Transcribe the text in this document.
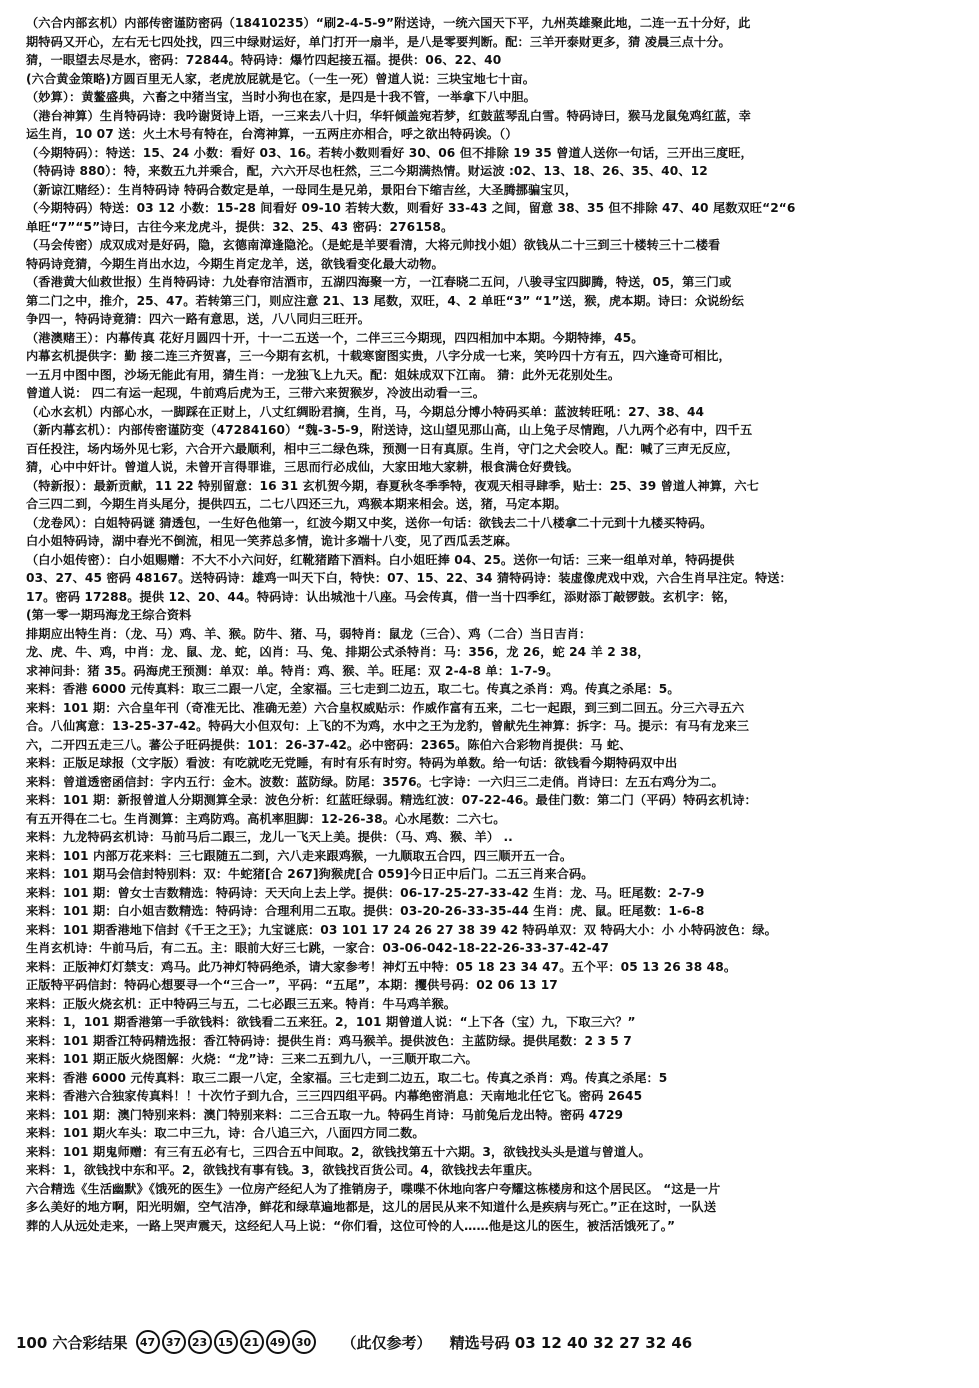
（六合内部玄机）内部传密谨防密码（18410235）“刷2-4-5-9”附送诗，一统六国天下平，九州英雄聚此地，二连一五十分好，此

期特码又开心，左右无七四处找，四三中绿财运好，单门打开一扇半，是八是零要判断。配：三羊开泰财更多，猜 凌晨三点十分。

猜，一眼望去尽是水，密码：72844。特码诗：爆竹四起接五福。提供：06、22、40

(六合黄金策略)方圆百里无人家，老虎放屁就是它。（一生一死）曾道人说：三块宝地七十亩。

（妙算）：黄鳌盛典，六畜之中猪当宝，当时小狗也在家，是四是十我不管，一举拿下八中胆。

（港台神算）生肖特码诗：我吟谢贤诗上语，一三来去八十归，华轩倾盖宛若梦，红鼓蓝琴乱白雪。特码诗曰，猴马龙鼠兔鸡红蓝，幸

运生肖，10 07 送：火土木号有特在，台湾神算，一五两庄亦相合，呼之欲出特码诶。（）

（今期特码）：特送：15、24 小数：看好 03、16。若转小数则看好 30、06 但不排除 19 35 曾道人送你一句话，三开出三度旺，

（特码诗 880）：特，来数五九并乘合，配，六六开尽也枉然，三二今期满热情。财运波 :02、13、18、26、35、40、12

（新谅江赌经）：生肖特码诗 特码合数定是单，一母同生是兄弟，景阳台下缩吉丝，大圣腾挪骗宝贝，

（今期特码）特送：03 12 小数：15-28 间看好 09-10 若转大数，则看好 33-43 之间，留意 38、35 但不排除 47、40 尾数双旺“2“6

单旺“7”“5”诗曰，古往今来龙虎斗，提供：32、25、43 密码：276158。

（马会传密）成双成对是好码，隐，玄德南漳逢隐沦。（是蛇是羊要看清，大将元帅找小姐）欲钱从二十三到三十楼转三十二楼看

特码诗竞猜，今期生肖出水边，今期生肖定龙羊，送，欲钱看变化最大动物。

（香港黄大仙救世报）生肖特码诗：九处春帘洁酒市，五湖四海聚一方，一江春晓二五问，八骏寻宝四脚腾，特送，05，第三门或

第二门之中，推介，25、47。若转第三门，则应注意 21、13 尾数，双旺，4、2 单旺“3” “1”送，猴，虎本期。诗曰：众说纷纭

争四一，特码诗竟猜：四六一路有意思，送，八八同归三旺开。

（港澳赌王）：内幕传真 花好月圆四十开，十一二五送一个，二伴三三今期现，四四相加中本期。今期特捧，45。

内幕玄机提供字：勤 接二连三齐贺喜，三一今期有玄机，十载寒窗图实贵，八字分成一七来，笑吟四十方有五，四六逢奇可相比，

一五月中图中图，沙场无能此有用，猜生肖：一龙独飞上九天。配：姐妹成双下江南。 猜：此外无花别处生。

曾道人说： 四二有运一起现，牛前鸡后虎为王，三带六来贺猴岁，冷波出动看一三。

（心水玄机）内部心水，一脚踩在正财上，八丈红绸盼君摘，生肖，马，今期总分博小特码买单：蓝波转旺吼：27、38、44

（新内幕玄机）：内部传密谨防变（47284160）“魏-3-5-9，附送诗，这山望见那山高，山上兔子尽情跑，八九两个必有中，四千五

百任投注，场内场外见七彩，六合开六最顺利，相中三二绿色珠，预测一日有真原。生肖，守门之犬会咬人。配：喊了三声无反应，

猜，心中中奸计。曾道人说，未曾开言得罪谁，三思而行必成仙，大家田地大家耕，根食满仓好费钱。

（特新报）：最新贡献，11 22 特别留意：16 31 玄机贺今期，春夏秋冬季季特，夜观天相寻肆季，贴士：25、39 曾道人神算，六七

合三四二到，今期生肖头尾分，提供四五，二七八四还三九，鸡猴本期来相会。送，猪，马定本期。

（龙卷风）：白姐特码谜 猜透包，一生好色他第一，红波今期又中奖，送你一句话：欲钱去二十八楼拿二十元到十九楼买特码。

白小姐特码诗，湖中春光不倒流，相见一笑荞总多情，诡计多端十八变，见了西瓜丢芝麻。

（白小姐传密）：白小姐赐赠：不大不小六问好，红靴猪踏下酒料。白小姐旺捧 04、25。送你一句话：三来一组单对单，特码提供

03、27、45 密码 48167。送特码诗：雄鸡一叫天下白，特快：07、15、22、34 猜特码诗：装虚像虎戏中戏，六合生肖早注定。特送：

17。密码 17288。提供 12、20、44。特码诗：认出城池十八座。马会传真，借一当十四季红，添财添丁敲锣鼓。玄机字：铭，

(第一零一期玛海龙王综合资料

排期应出特生肖：（龙、马）鸡、羊、猴。防牛、猪、马，弱特肖：鼠龙（三合）、鸡（二合）当日吉肖：

龙、虎、牛、鸡，中肖：龙、鼠、龙、蛇，凶肖：马、兔、排期公式杀特肖：马：356，龙 26，蛇 24 羊 2 38，

求神问卦：猪 35。码海虎王预测：单双：单。特肖：鸡、猴、羊。旺尾：双 2-4-8 单：1-7-9。

来料：香港 6000 元传真料：取三二跟一八定，全家福。三七走到二边五，取二七。传真之杀肖：鸡。传真之杀尾：5。

来料：101 期：六合皇年刊（奇准无比、准确无差）六合皇权威贴示：作威作富有五来，二七一起跟，到三到二回五。分三六寻五六

合。八仙寓意：13-25-37-42。特码大小但双句：上飞的不为鸡，水中之王为龙豹，曾献先生神算：拆字：马。提示：有马有龙来三

六，二开四五走三八。蕃公子旺码提供：101：26-37-42。必中密码：2365。陈伯六合彩物肖提供：马 蛇、

来料：正版足球报（文字版）看波：有吃就吃无党睡，有时有乐有时穷。特码为单数。给一句话：欲钱看今期特码双中出

来料：曾道透密函信封：字内五行：金木。波数：蓝防绿。防尾：3576。七字诗：一六归三二走俏。肖诗曰：左五右鸡分为二。

来料：101 期：新报曾道人分期测算全录：波色分析：红蓝旺绿弱。精选红波：07-22-46。最佳门数：第二门（平码）特码玄机诗：

有五开得在二七。生肖测算：主鸡防鸡。高机率胆脚：12-26-38。心水尾数：二六七。

来料：九龙特码玄机诗：马前马后二跟三，龙儿一飞天上美。提供：（马、鸡、猴、羊） ..

来料：101 内部万花来料：三七跟随五二到，六八走来跟鸡猴，一九顺取五合四，四三顺开五一合。

来料：101 期马会信封特别料：双：牛蛇猪[合 267]狗猴虎[合 059]今日正中后门。二五三肖来合码。

来料：101 期：曾女士吉数精选：特码诗：天天向上去上学。提供：06-17-25-27-33-42 生肖：龙、马。旺尾数：2-7-9

来料：101 期：白小姐吉数精选：特码诗：合理利用二五取。提供：03-20-26-33-35-44 生肖：虎、鼠。旺尾数：1-6-8

来料：101 期香港地下信封《千王之王》；九宝谜底：03 101 17 24 26 27 38 39 42 特码单双：双 特码大小：小 小特码波色：绿。

生肖玄机诗：牛前马后，有二五。主：眼前大好三七跳，一家合：03-06-042-18-22-26-33-37-42-47

来料：正版神灯灯禁支：鸡马。此乃神灯特码绝杀，请大家参考！神灯五中特：05 18 23 34 47。五个平：05 13 26 38 48。

正版特平码信封：特码心想要寻一个“三合一”，平码：“五尾”，本期：攫供号码：02 06 13 17

来料：正版火烧玄机：正中特码三与五，二七必跟三五来。特肖：牛马鸡羊猴。

来料：1，101 期香港第一手欲钱料：欲钱看二五来狂。2，101 期曾道人说：“上下各（宝）九，下取三六？”

来料：101 期香江特码精选报：香江特码诗：提供生肖：鸡马猴羊。提供波色：主蓝防绿。提供尾数：2 3 5 7

来料：101 期正版火烧图解：火烧：“龙”诗：三来二五到九八，一三顺开取二六。

来料：香港 6000 元传真料：取三二跟一八定，全家福。三七走到二边五，取二七。传真之杀肖：鸡。传真之杀尾：5

来料：香港六合独家传真料！！十次竹子到九合，三三四四组平码。内幕绝密消息：天南地北任它飞。密码 2645

来料：101 期：澳门特别来料：澳门特别来料：二三合五取一九。特码生肖诗：马前兔后龙出特。密码 4729

来料：101 期火车头：取二中三九，诗：合八追三六，八面四方同二数。

来料：101 期鬼师赠：有三有五必有七，三四合五中间取。2，欲钱找第五十六期。3，欲钱找头头是道与曾道人。

来料：1，欲钱找中东和平。2，欲钱找有事有钱。3，欲钱找百货公司。4，欲钱找去年重庆。

六合精选《生活幽默》《饿死的医生》一位房产经纪人为了推销房子，喋喋不休地向客户夸耀这栋楼房和这个居民区。 “这是一片

多么美好的地方啊，阳光明媚，空气洁净，鲜花和绿草遍地都是，这儿的居民从来不知道什么是疾病与死亡。”正在这时，一队送

葬的人从远处走来，一路上哭声震天，这经纪人马上说：“你们看，这位可怜的人……他是这儿的医生，被活活饿死了。”

100 六合彩结果	47 37 23 15 21 49 30 （此仅参考） 精选号码 03 12 40 32 27 32 46
